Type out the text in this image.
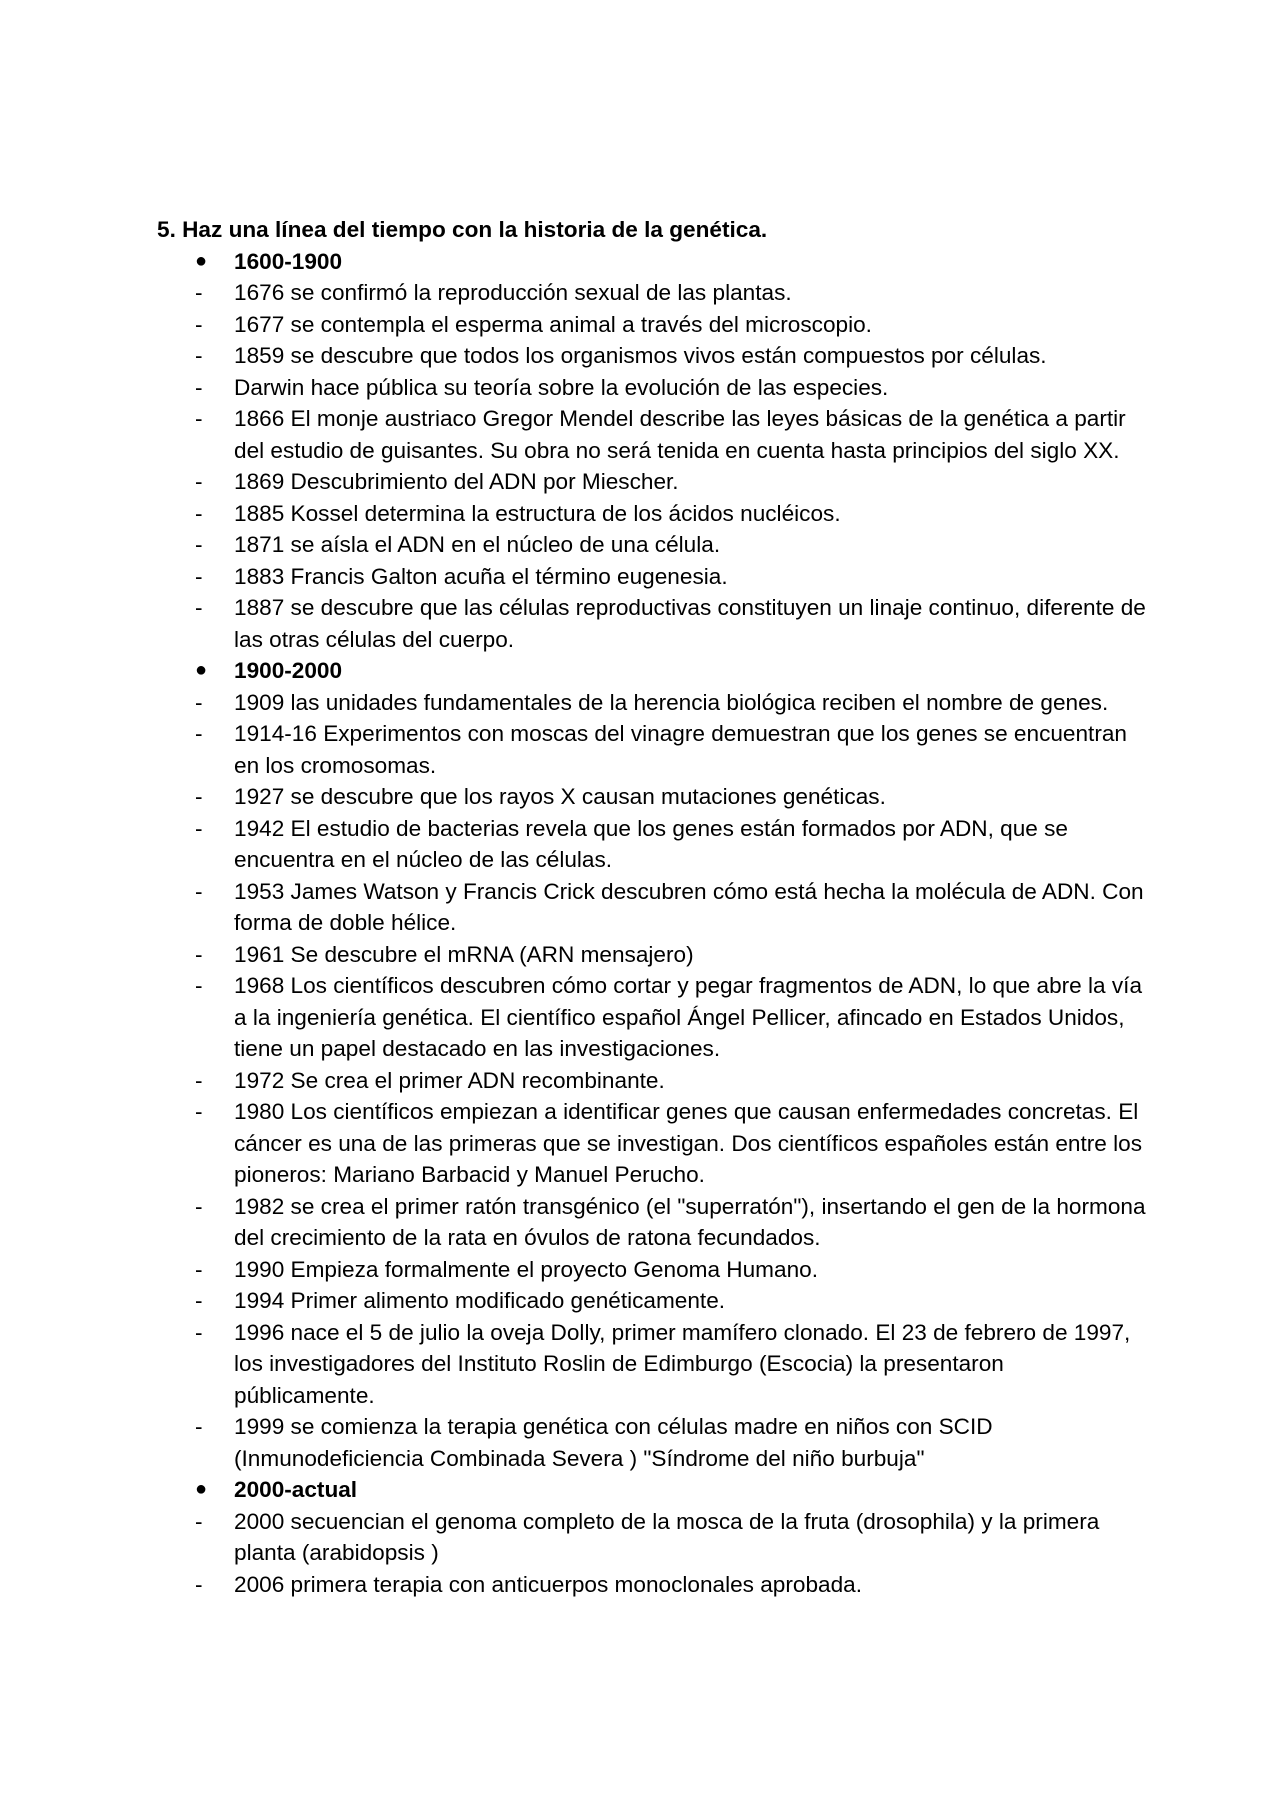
5. Haz una línea del tiempo con la historia de la genética.

● 1600-1900

- 1676 se confirmó la reproducción sexual de las plantas.
- 1677 se contempla el esperma animal a través del microscopio.
- 1859 se descubre que todos los organismos vivos están compuestos por células.
- Darwin hace pública su teoría sobre la evolución de las especies.
- 1866 El monje austriaco Gregor Mendel describe las leyes básicas de la genética a partir del estudio de guisantes. Su obra no será tenida en cuenta hasta principios del siglo XX.
- 1869 Descubrimiento del ADN por Miescher.
- 1885 Kossel determina la estructura de los ácidos nucléicos.
- 1871 se aísla el ADN en el núcleo de una célula.
- 1883 Francis Galton acuña el término eugenesia.
- 1887 se descubre que las células reproductivas constituyen un linaje continuo, diferente de las otras células del cuerpo.

● 1900-2000

- 1909 las unidades fundamentales de la herencia biológica reciben el nombre de genes.
- 1914-16 Experimentos con moscas del vinagre demuestran que los genes se encuentran en los cromosomas.
- 1927 se descubre que los rayos X causan mutaciones genéticas.
- 1942 El estudio de bacterias revela que los genes están formados por ADN, que se encuentra en el núcleo de las células.
- 1953 James Watson y Francis Crick descubren cómo está hecha la molécula de ADN. Con forma de doble hélice.
- 1961 Se descubre el mRNA (ARN mensajero)
- 1968 Los científicos descubren cómo cortar y pegar fragmentos de ADN, lo que abre la vía a la ingeniería genética. El científico español Ángel Pellicer, afincado en Estados Unidos, tiene un papel destacado en las investigaciones.
- 1972 Se crea el primer ADN recombinante.
- 1980 Los científicos empiezan a identificar genes que causan enfermedades concretas. El cáncer es una de las primeras que se investigan. Dos científicos españoles están entre los pioneros: Mariano Barbacid y Manuel Perucho.
- 1982 se crea el primer ratón transgénico (el "superratón"), insertando el gen de la hormona del crecimiento de la rata en óvulos de ratona fecundados.
- 1990 Empieza formalmente el proyecto Genoma Humano.
- 1994 Primer alimento modificado genéticamente.
- 1996 nace el 5 de julio la oveja Dolly, primer mamífero clonado. El 23 de febrero de 1997, los investigadores del Instituto Roslin de Edimburgo (Escocia) la presentaron públicamente.
- 1999 se comienza la terapia genética con células madre en niños con SCID (Inmunodeficiencia Combinada Severa ) "Síndrome del niño burbuja"

● 2000-actual

- 2000 secuencian el genoma completo de la mosca de la fruta (drosophila) y la primera planta (arabidopsis )
- 2006 primera terapia con anticuerpos monoclonales aprobada.
